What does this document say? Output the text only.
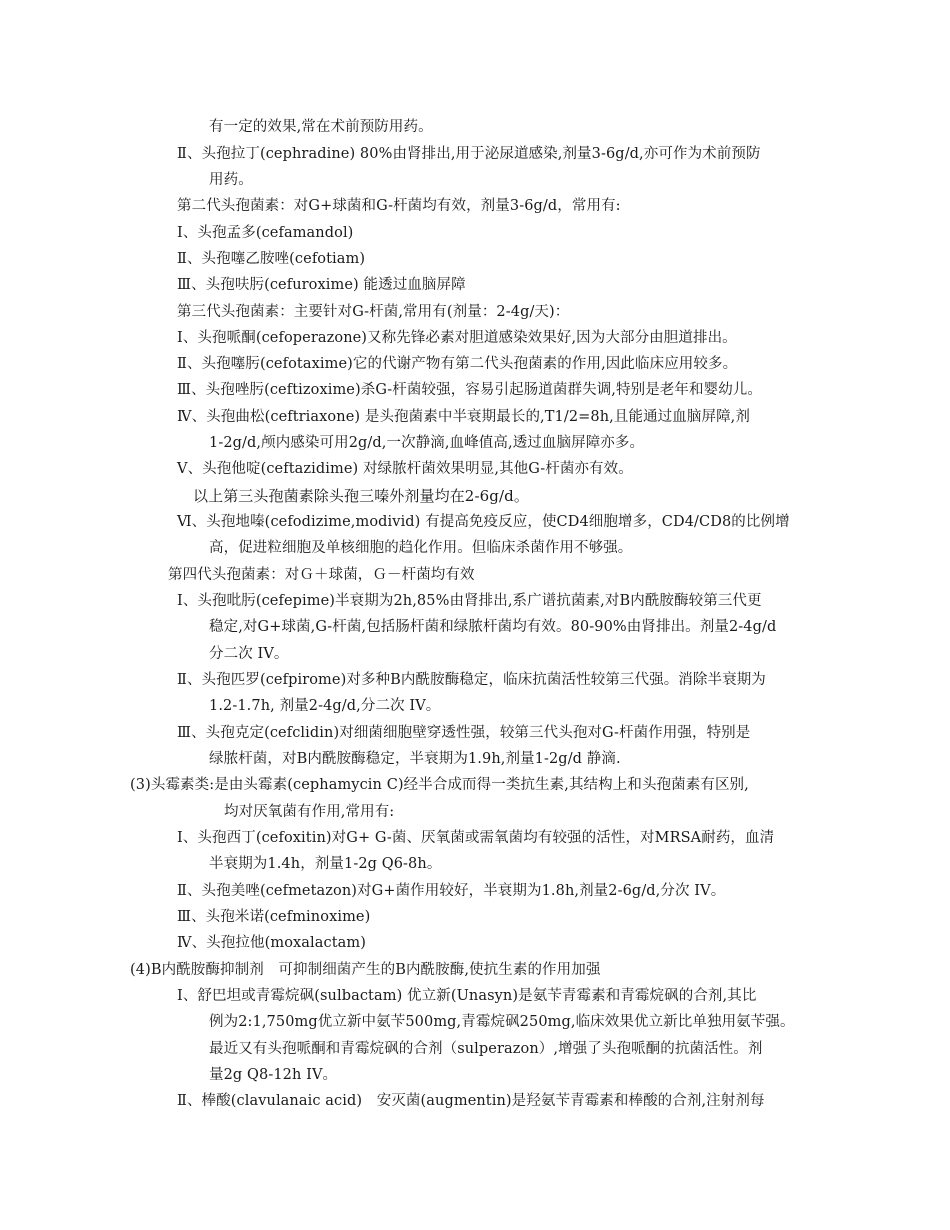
有一定的效果,常在术前预防用药。
Ⅱ、头孢拉丁(cephradine) 80%由肾排出,用于泌尿道感染,剂量3-6g/d,亦可作为术前预防
用药。
第二代头孢菌素：对G+球菌和G-杆菌均有效，剂量3-6g/d，常用有:
Ⅰ、头孢孟多(cefamandol)
Ⅱ、头孢噻乙胺唑(cefotiam)
Ⅲ、头孢呋肟(cefuroxime) 能透过血脑屏障
第三代头孢菌素：主要针对G-杆菌,常用有(剂量：2-4g/天)：
Ⅰ、头孢哌酮(cefoperazone)又称先锋必素对胆道感染效果好,因为大部分由胆道排出。
Ⅱ、头孢噻肟(cefotaxime)它的代谢产物有第二代头孢菌素的作用,因此临床应用较多。
Ⅲ、头孢唑肟(ceftizoxime)杀G-杆菌较强，容易引起肠道菌群失调,特别是老年和婴幼儿。
Ⅳ、头孢曲松(ceftriaxone) 是头孢菌素中半衰期最长的,T1/2=8h,且能通过血脑屏障,剂
1-2g/d,颅内感染可用2g/d,一次静滴,血峰值高,透过血脑屏障亦多。
Ⅴ、头孢他啶(ceftazidime) 对绿脓杆菌效果明显,其他G-杆菌亦有效。
以上第三头孢菌素除头孢三嗪外剂量均在2-6g/d。
Ⅵ、头孢地嗪(cefodizime,modivid) 有提高免疫反应，使CD4细胞增多，CD4/CD8的比例增
高，促进粒细胞及单核细胞的趋化作用。但临床杀菌作用不够强。
第四代头孢菌素：对Ｇ＋球菌，Ｇ－杆菌均有效
Ⅰ、头孢吡肟(cefepime)半衰期为2h,85%由肾排出,系广谱抗菌素,对B内酰胺酶较第三代更
稳定,对G+球菌,G-杆菌,包括肠杆菌和绿脓杆菌均有效。80-90%由肾排出。剂量2-4g/d
分二次 IV。
Ⅱ、头孢匹罗(cefpirome)对多种B内酰胺酶稳定，临床抗菌活性较第三代强。消除半衰期为
1.2-1.7h, 剂量2-4g/d,分二次 IV。
Ⅲ、头孢克定(cefclidin)对细菌细胞壁穿透性强，较第三代头孢对G-杆菌作用强，特别是
绿脓杆菌，对B内酰胺酶稳定，半衰期为1.9h,剂量1-2g/d 静滴.
(3)头霉素类:是由头霉素(cephamycin C)经半合成而得一类抗生素,其结构上和头孢菌素有区别,
均对厌氧菌有作用,常用有:
Ⅰ、头孢西丁(cefoxitin)对G+ G-菌、厌氧菌或需氧菌均有较强的活性，对MRSA耐药，血清
半衰期为1.4h，剂量1-2g Q6-8h。
Ⅱ、头孢美唑(cefmetazon)对G+菌作用较好，半衰期为1.8h,剂量2-6g/d,分次 IV。
Ⅲ、头孢米诺(cefminoxime)
Ⅳ、头孢拉他(moxalactam)
(4)B内酰胺酶抑制剂　可抑制细菌产生的B内酰胺酶,使抗生素的作用加强
Ⅰ、舒巴坦或青霉烷砜(sulbactam) 优立新(Unasyn)是氨苄青霉素和青霉烷砜的合剂,其比
例为2:1,750mg优立新中氨苄500mg,青霉烷砜250mg,临床效果优立新比单独用氨苄强。
最近又有头孢哌酮和青霉烷砜的合剂（sulperazon）,增强了头孢哌酮的抗菌活性。剂
量2g Q8-12h IV。
Ⅱ、棒酸(clavulanaic acid)　安灭菌(augmentin)是羟氨苄青霉素和棒酸的合剂,注射剂每
